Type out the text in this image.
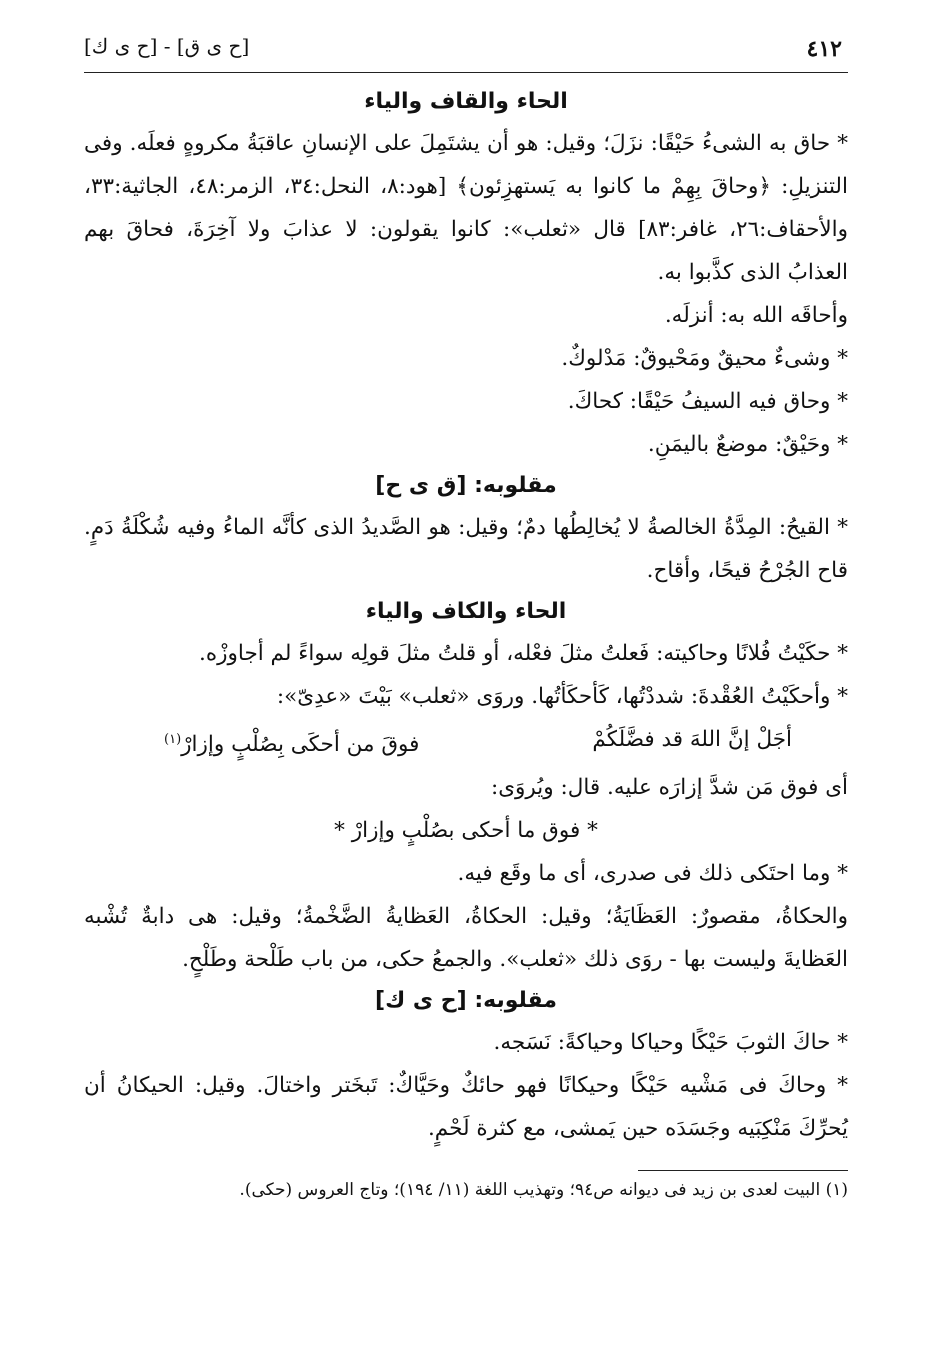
٤١٢
[ح ى ق] - [ح ى ك]
الحاء والقاف والياء

* حاق به الشىءُ حَيْقًا: نزَلَ؛ وقيل: هو أن يشتَمِلَ على الإنسانِ عاقبَةُ مكروهٍ فعلَه. وفى التنزيلِ: ﴿وحاقَ بِهِمْ ما كانوا به يَستهزِئون﴾ [هود:٨، النحل:٣٤، الزمر:٤٨، الجاثية:٣٣، والأحقاف:٢٦، غافر:٨٣] قال «ثعلب»: كانوا يقولون: لا عذابَ ولا آخِرَةَ، فحاقَ بهم العذابُ الذى كذَّبوا به.

وأحاقَه الله به: أنزلَه.

* وشىءٌ محيقٌ ومَحْيوقٌ: مَدْلوكٌ.

* وحاق فيه السيفُ حَيْقًا: كحاكَ.

* وحَيْقٌ: موضعٌ باليمَنِ.

مقلوبه: [ق ى ح]

* القيحُ: المِدَّةُ الخالصةُ لا يُخالِطُها دمٌ؛ وقيل: هو الصَّديدُ الذى كأنَّه الماءُ وفيه شُكْلَةُ دَمٍ. قاح الجُرْحُ قيحًا، وأقاح.

الحاء والكاف والياء

* حكَيْتُ فُلانًا وحاكيته: فَعلتُ مثلَ فعْله، أو قلتُ مثلَ قولِه سواءً لم أجاوزْه.

* وأحكَيْتُ العُقْدةَ: شددْتُها، كَأحكَأتُها. وروَى «ثعلب» بَيْتَ «عدِىّ»:

أجَلْ إنَّ اللهَ قد فضَّلَكُمْ
فوقَ من أحكَى بِصُلْبٍ وإزارْ$^{(١)}$

أى فوق مَن شدَّ إزارَه عليه. قال: ويُروَى:

* فوق ما أحكى بصُلْبٍ وإزارْ *

* وما احتَكى ذلك فى صدرى، أى ما وقَع فيه.

والحكاةُ، مقصورٌ: العَظَايَةُ؛ وقيل: الحكاةُ، العَظايةُ الضَّخْمةُ؛ وقيل: هى دابةٌ تُشْبه العَظايةَ وليست بها - روَى ذلك «ثعلب». والجمعُ حكى، من باب طَلْحة وطَلْحٍ.

مقلوبه: [ح ى ك]

* حاكَ الثوبَ حَيْكًا وحياكا وحياكةً: نَسَجه.

* وحاكَ فى مَشْيه حَيْكًا وحيكانًا فهو حائكٌ وحَيَّاكٌ: تَبخَتر واختالَ. وقيل: الحيكانُ أن يُحرِّكَ مَنْكِبَيه وجَسَدَه حين يَمشى، مع كثرة لَحْمٍ.

(١) البيت لعدى بن زيد فى ديوانه ص٩٤؛ وتهذيب اللغة (١١/ ١٩٤)؛ وتاج العروس (حكى).
